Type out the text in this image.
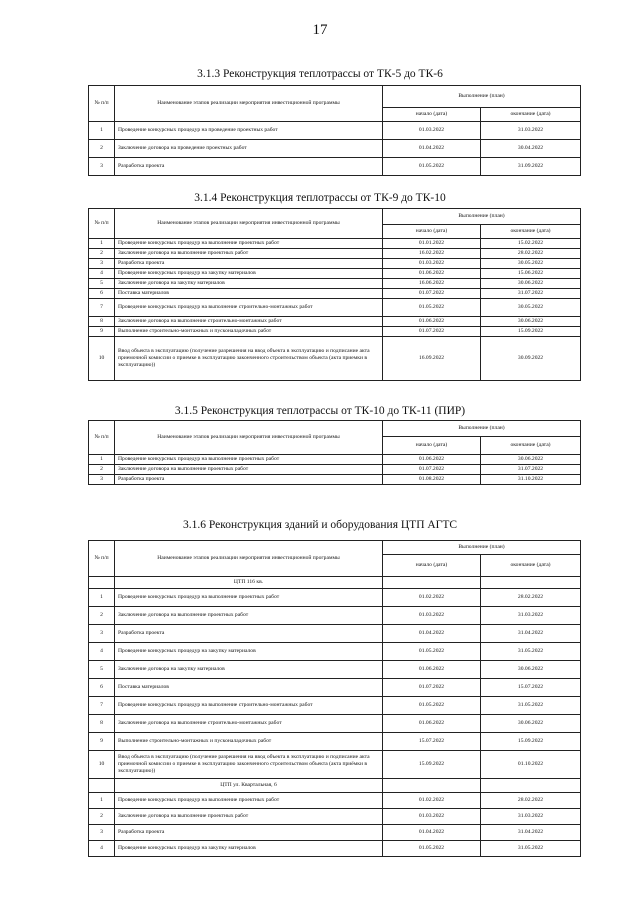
17
3.1.3 Реконструкция теплотрассы от ТК-5 до ТК-6
№ п/п	Наименование этапов реализации мероприятия инвестиционной программы	Выполнение (план)	
		начало (дата)	окончание (дата)
1	Проведение конкурсных процедур на проведение проектных работ	01.03.2022	31.03.2022
2	Заключение договора на проведение проектных работ	01.04.2022	30.04.2022
3	Разработка проекта	01.05.2022	31.09.2022
3.1.4 Реконструкция теплотрассы от ТК-9 до ТК-10
№ п/п	Наименование этапов реализации мероприятия инвестиционной программы	Выполнение (план)	
		начало (дата)	окончание (дата)
1	Проведение конкурсных процедур на выполнение проектных работ	01.01.2022	15.02.2022
2	Заключение договора на выполнение проектных работ	16.02.2022	28.02.2022
3	Разработка проекта	01.03.2022	30.05.2022
4	Проведение конкурсных процедур на закупку материалов	01.06.2022	15.06.2022
5	Заключение договора на закупку материалов	16.06.2022	30.06.2022
6	Поставка материалов	01.07.2022	31.07.2022
7	Проведение конкурсных процедур на выполнение строительно-монтажных работ	01.05.2022	30.05.2022
8	Заключение договора на выполнение строительно-монтажных работ	01.06.2022	30.06.2022
9	Выполнение строительно-монтажных и пусконаладочных работ	01.07.2022	15.09.2022
10	Ввод объекта в эксплуатацию (получение разрешения на ввод объекта в эксплуатацию и подписание акта приемочной комиссии о приемке в эксплуатацию законченного строительством объекта (акта приемки в эксплуатацию))	16.09.2022	30.09.2022
3.1.5 Реконструкция теплотрассы от ТК-10 до ТК-11 (ПИР)
№ п/п	Наименование этапов реализации мероприятия инвестиционной программы	Выполнение (план)	
		начало (дата)	окончание (дата)
1	Проведение конкурсных процедур на выполнение проектных работ	01.06.2022	30.06.2022
2	Заключение договора на выполнение проектных работ	01.07.2022	31.07.2022
3	Разработка проекта	01.08.2022	31.10.2022
3.1.6 Реконструкция зданий и оборудования ЦТП АГТС
№ п/п	Наименование этапов реализации мероприятия инвестиционной программы	Выполнение (план)	
		начало (дата)	окончание (дата)
	ЦТП 116 кв.		
1	Проведение конкурсных процедур на выполнение проектных работ	01.02.2022	28.02.2022
2	Заключение договора на выполнение проектных работ	01.03.2022	31.03.2022
3	Разработка проекта	01.04.2022	31.04.2022
4	Проведение конкурсных процедур на закупку материалов	01.05.2022	31.05.2022
5	Заключение договора на закупку материалов	01.06.2022	30.06.2022
6	Поставка материалов	01.07.2022	15.07.2022
7	Проведение конкурсных процедур на выполнение строительно-монтажных работ	01.05.2022	31.05.2022
8	Заключение договора на выполнение строительно-монтажных работ	01.06.2022	30.06.2022
9	Выполнение строительно-монтажных и пусконаладочных работ	15.07.2022	15.09.2022
10	Ввод объекта в эксплуатацию (получение разрешения на ввод объекта в эксплуатацию и подписание акта приемочной комиссии о приемке в эксплуатацию законченного строительством объекта (акта приёмки в эксплуатацию))	15.09.2022	01.10.2022
	ЦТП ул. Квартальная, 6		
1	Проведение конкурсных процедур на выполнение проектных работ	01.02.2022	28.02.2022
2	Заключение договора на выполнение проектных работ	01.03.2022	31.03.2022
3	Разработка проекта	01.04.2022	31.04.2022
4	Проведение конкурсных процедур на закупку материалов	01.05.2022	31.05.2022
